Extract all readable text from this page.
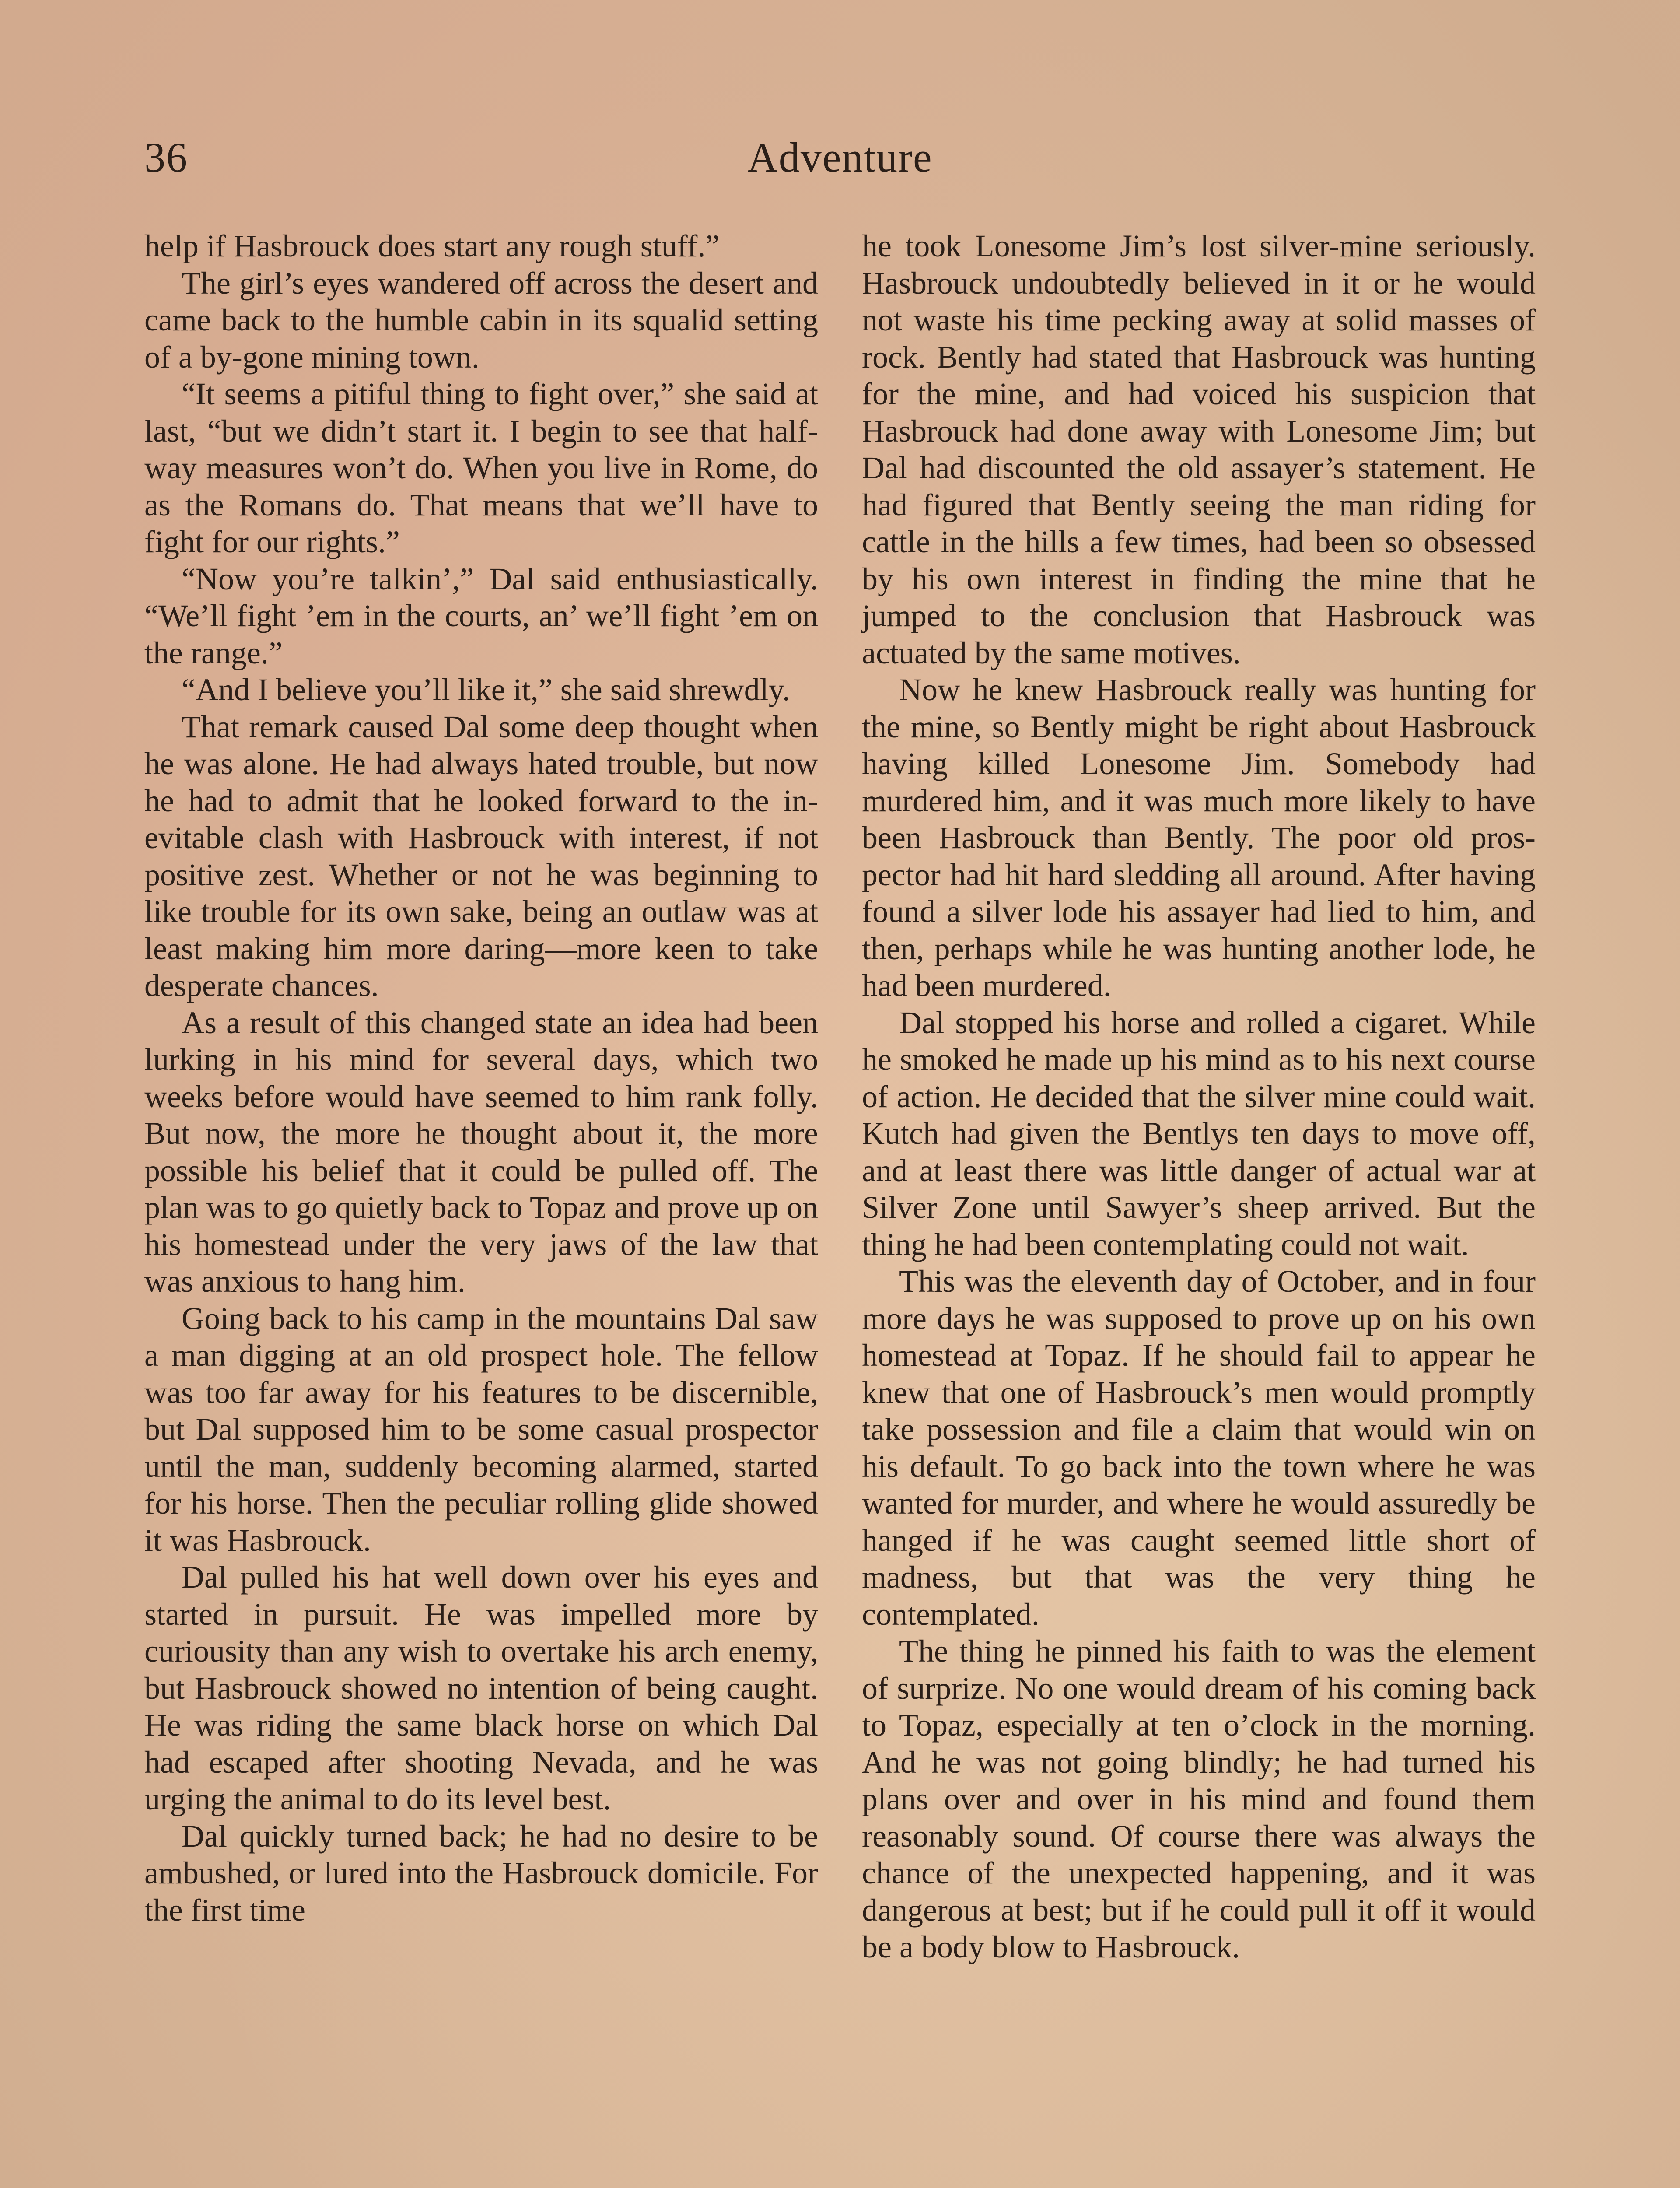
36	Adventure

help if Hasbrouck does start any rough stuff.”

The girl’s eyes wandered off across the desert and came back to the humble cabin in its squalid setting of a by-gone mining town.

“It seems a pitiful thing to fight over,” she said at last, “but we didn’t start it. I begin to see that half-way measures won’t do. When you live in Rome, do as the Romans do. That means that we’ll have to fight for our rights.”

“Now you’re talkin’,” Dal said enthusiastically. “We’ll fight ’em in the courts, an’ we’ll fight ’em on the range.”

“And I believe you’ll like it,” she said shrewdly.

That remark caused Dal some deep thought when he was alone. He had always hated trouble, but now he had to admit that he looked forward to the inevitable clash with Hasbrouck with interest, if not positive zest. Whether or not he was beginning to like trouble for its own sake, being an outlaw was at least making him more daring—more keen to take desperate chances.

As a result of this changed state an idea had been lurking in his mind for several days, which two weeks before would have seemed to him rank folly. But now, the more he thought about it, the more possible his belief that it could be pulled off. The plan was to go quietly back to Topaz and prove up on his homestead under the very jaws of the law that was anxious to hang him.

Going back to his camp in the mountains Dal saw a man digging at an old prospect hole. The fellow was too far away for his features to be discernible, but Dal supposed him to be some casual prospector until the man, suddenly becoming alarmed, started for his horse. Then the peculiar rolling glide showed it was Hasbrouck.

Dal pulled his hat well down over his eyes and started in pursuit. He was impelled more by curiousity than any wish to overtake his arch enemy, but Hasbrouck showed no intention of being caught. He was riding the same black horse on which Dal had escaped after shooting Nevada, and he was urging the animal to do its level best.

Dal quickly turned back; he had no desire to be ambushed, or lured into the Hasbrouck domicile. For the first time

he took Lonesome Jim’s lost silver-mine seriously. Hasbrouck undoubtedly believed in it or he would not waste his time pecking away at solid masses of rock. Bently had stated that Hasbrouck was hunting for the mine, and had voiced his suspicion that Hasbrouck had done away with Lonesome Jim; but Dal had discounted the old assayer’s statement. He had figured that Bently seeing the man riding for cattle in the hills a few times, had been so obsessed by his own interest in finding the mine that he jumped to the conclusion that Hasbrouck was actuated by the same motives.

Now he knew Hasbrouck really was hunting for the mine, so Bently might be right about Hasbrouck having killed Lonesome Jim. Somebody had murdered him, and it was much more likely to have been Hasbrouck than Bently. The poor old prospector had hit hard sledding all around. After having found a silver lode his assayer had lied to him, and then, perhaps while he was hunting another lode, he had been murdered.

Dal stopped his horse and rolled a cigaret. While he smoked he made up his mind as to his next course of action. He decided that the silver mine could wait. Kutch had given the Bentlys ten days to move off, and at least there was little danger of actual war at Silver Zone until Sawyer’s sheep arrived. But the thing he had been contemplating could not wait.

This was the eleventh day of October, and in four more days he was supposed to prove up on his own homestead at Topaz. If he should fail to appear he knew that one of Hasbrouck’s men would promptly take possession and file a claim that would win on his default. To go back into the town where he was wanted for murder, and where he would assuredly be hanged if he was caught seemed little short of madness, but that was the very thing he contemplated.

The thing he pinned his faith to was the element of surprize. No one would dream of his coming back to Topaz, especially at ten o’clock in the morning. And he was not going blindly; he had turned his plans over and over in his mind and found them reasonably sound. Of course there was always the chance of the unexpected happening, and it was dangerous at best; but if he could pull it off it would be a body blow to Hasbrouck.
